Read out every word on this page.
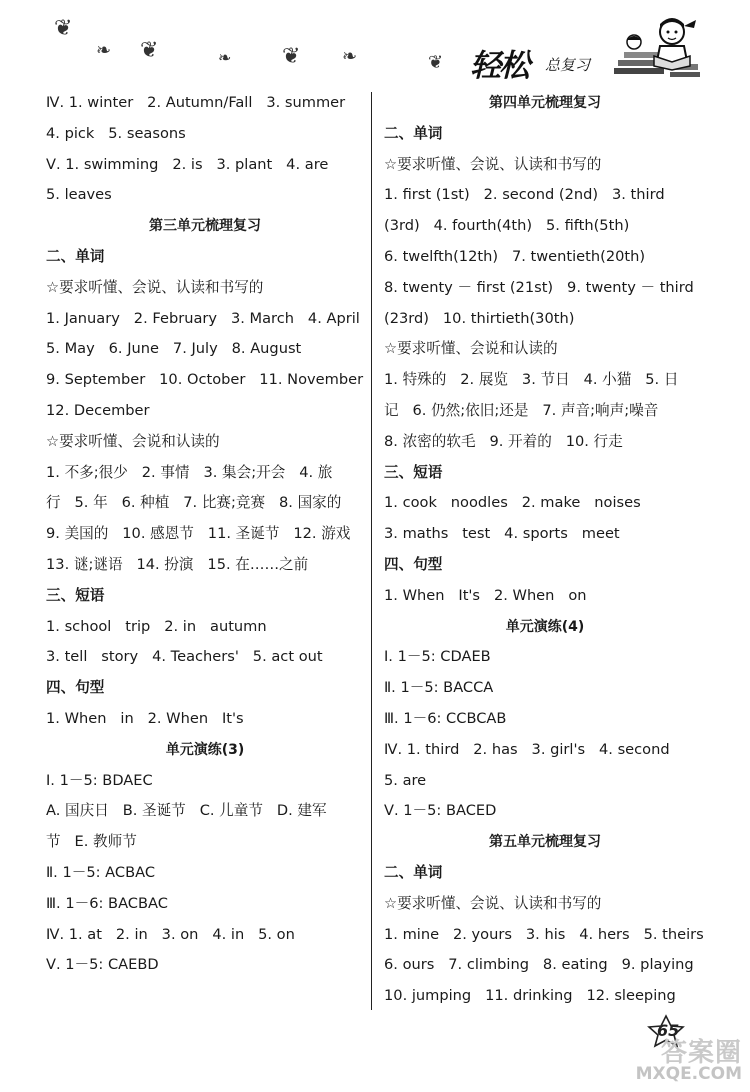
❦
❧ ❦	❧ ❦ ❧	❦ 轻松 总复习
Ⅳ. 1. winter   2. Autumn/Fall   3. summer
4. pick   5. seasons
Ⅴ. 1. swimming   2. is   3. plant   4. are
5. leaves
第三单元梳理复习
二、单词
☆要求听懂、会说、认读和书写的
1. January   2. February   3. March   4. April
5. May   6. June   7. July   8. August
9. September   10. October   11. November
12. December
☆要求听懂、会说和认读的
1. 不多;很少   2. 事情   3. 集会;开会   4. 旅
行   5. 年   6. 种植   7. 比赛;竞赛   8. 国家的
9. 美国的   10. 感恩节   11. 圣诞节   12. 游戏
13. 谜;谜语   14. 扮演   15. 在……之前
三、短语
1. school   trip   2. in   autumn
3. tell   story   4. Teachers'   5. act out
四、句型
1. When   in   2. When   It's
单元演练(3)
Ⅰ. 1－5: BDAEC
A. 国庆日   B. 圣诞节   C. 儿童节   D. 建军
节   E. 教师节
Ⅱ. 1－5: ACBAC
Ⅲ. 1－6: BACBAC
Ⅳ. 1. at   2. in   3. on   4. in   5. on
Ⅴ. 1－5: CAEBD
第四单元梳理复习
二、单词
☆要求听懂、会说、认读和书写的
1. first (1st)   2. second (2nd)   3. third
(3rd)   4. fourth(4th)   5. fifth(5th)
6. twelfth(12th)   7. twentieth(20th)
8. twenty － first (21st)   9. twenty － third
(23rd)   10. thirtieth(30th)
☆要求听懂、会说和认读的
1. 特殊的   2. 展览   3. 节日   4. 小猫   5. 日
记   6. 仍然;依旧;还是   7. 声音;响声;噪音
8. 浓密的软毛   9. 开着的   10. 行走
三、短语
1. cook   noodles   2. make   noises
3. maths   test   4. sports   meet
四、句型
1. When   It's   2. When   on
单元演练(4)
Ⅰ. 1－5: CDAEB
Ⅱ. 1－5: BACCA
Ⅲ. 1－6: CCBCAB
Ⅳ. 1. third   2. has   3. girl's   4. second
5. are
Ⅴ. 1－5: BACED
第五单元梳理复习
二、单词
☆要求听懂、会说、认读和书写的
1. mine   2. yours   3. his   4. hers   5. theirs
6. ours   7. climbing   8. eating   9. playing
10. jumping   11. drinking   12. sleeping
65
答案圈
MXQE.COM
